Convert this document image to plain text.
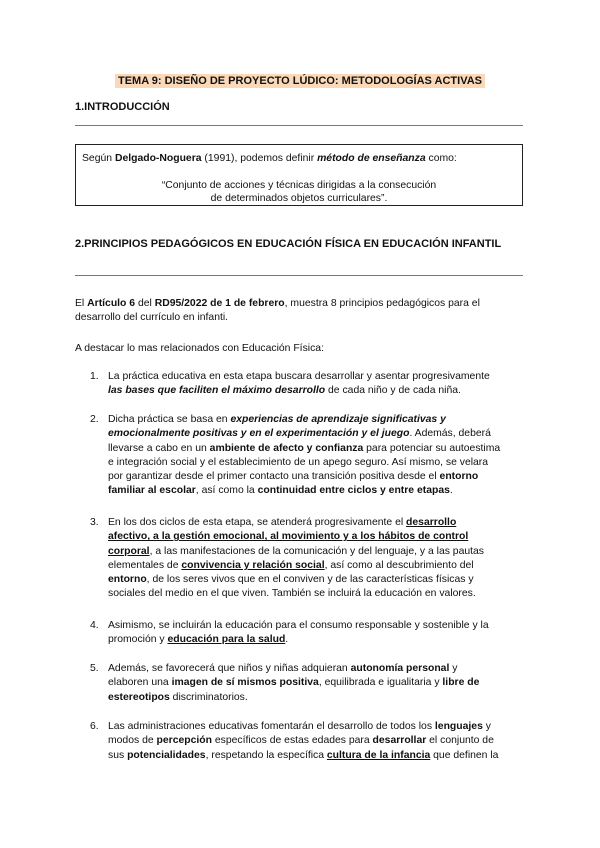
TEMA 9: DISEÑO DE PROYECTO LÚDICO: METODOLOGÍAS ACTIVAS
1.INTRODUCCIÓN
Según Delgado-Noguera (1991), podemos definir método de enseñanza como:
“Conjunto de acciones y técnicas dirigidas a la consecución
de determinados objetos curriculares”.
2.PRINCIPIOS PEDAGÓGICOS EN EDUCACIÓN FÍSICA EN EDUCACIÓN INFANTIL
El Artículo 6 del RD95/2022 de 1 de febrero, muestra 8 principios pedagógicos para el
desarrollo del currículo en infanti.
A destacar lo mas relacionados con Educación Física:
1. La práctica educativa en esta etapa buscara desarrollar y asentar progresivamente
las bases que faciliten el máximo desarrollo de cada niño y de cada niña.
2. Dicha práctica se basa en experiencias de aprendizaje significativas y
emocionalmente positivas y en el experimentación y el juego. Además, deberá
llevarse a cabo en un ambiente de afecto y confianza para potenciar su autoestima
e integración social y el establecimiento de un apego seguro. Así mismo, se velara
por garantizar desde el primer contacto una transición positiva desde el entorno
familiar al escolar, así como la continuidad entre ciclos y entre etapas.
3. En los dos ciclos de esta etapa, se atenderá progresivamente el desarrollo
afectivo, a la gestión emocional, al movimiento y a los hábitos de control
corporal, a las manifestaciones de la comunicación y del lenguaje, y a las pautas
elementales de convivencia y relación social, así como al descubrimiento del
entorno, de los seres vivos que en el conviven y de las características físicas y
sociales del medio en el que viven. También se incluirá la educación en valores.
4. Asimismo, se incluirán la educación para el consumo responsable y sostenible y la
promoción y educación para la salud.
5. Además, se favorecerá que niños y niñas adquieran autonomía personal y
elaboren una imagen de sí mismos positiva, equilibrada e igualitaria y libre de
estereotipos discriminatorios.
6. Las administraciones educativas fomentarán el desarrollo de todos los lenguajes y
modos de percepción específicos de estas edades para desarrollar el conjunto de
sus potencialidades, respetando la específica cultura de la infancia que definen la
